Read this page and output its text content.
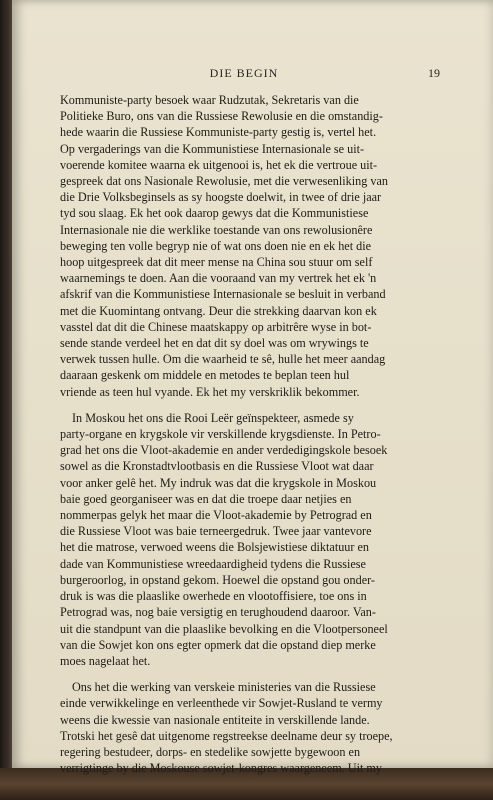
DIE BEGIN	19
Kommuniste-party besoek waar Rudzutak, Sekretaris van die
Politieke Buro, ons van die Russiese Rewolusie en die omstandig-
hede waarin die Russiese Kommuniste-party gestig is, vertel het.
Op vergaderings van die Kommunistiese Internasionale se uit-
voerende komitee waarna ek uitgenooi is, het ek die vertroue uit-
gespreek dat ons Nasionale Rewolusie, met die verwesenliking van
die Drie Volksbeginsels as sy hoogste doelwit, in twee of drie jaar
tyd sou slaag. Ek het ook daarop gewys dat die Kommunistiese
Internasionale nie die werklike toestande van ons rewolusionêre
beweging ten volle begryp nie of wat ons doen nie en ek het die
hoop uitgespreek dat dit meer mense na China sou stuur om self
waarnemings te doen. Aan die vooraand van my vertrek het ek 'n
afskrif van die Kommunistiese Internasionale se besluit in verband
met die Kuomintang ontvang. Deur die strekking daarvan kon ek
vasstel dat dit die Chinese maatskappy op arbitrêre wyse in bot-
sende stande verdeel het en dat dit sy doel was om wrywings te
verwek tussen hulle. Om die waarheid te sê, hulle het meer aandag
daaraan geskenk om middele en metodes te beplan teen hul
vriende as teen hul vyande. Ek het my verskriklik bekommer.
In Moskou het ons die Rooi Leër geïnspekteer, asmede sy
party-organe en krygskole vir verskillende krygsdienste. In Petro-
grad het ons die Vloot-akademie en ander verdedigingskole besoek
sowel as die Kronstadtvlootbasis en die Russiese Vloot wat daar
voor anker gelê het. My indruk was dat die krygskole in Moskou
baie goed georganiseer was en dat die troepe daar netjies en
nommerpas gelyk het maar die Vloot-akademie by Petrograd en
die Russiese Vloot was baie terneergedruk. Twee jaar vantevore
het die matrose, verwoed weens die Bolsjewistiese diktatuur en
dade van Kommunistiese wreedaardigheid tydens die Russiese
burgeroorlog, in opstand gekom. Hoewel die opstand gou onder-
druk is was die plaaslike owerhede en vlootoffisiere, toe ons in
Petrograd was, nog baie versigtig en terughoudend daaroor. Van-
uit die standpunt van die plaaslike bevolking en die Vlootpersoneel
van die Sowjet kon ons egter opmerk dat die opstand diep merke
moes nagelaat het.
Ons het die werking van verskeie ministeries van die Russiese
einde verwikkelinge en verleenthede vir Sowjet-Rusland te vermy
weens die kwessie van nasionale entiteite in verskillende lande.
Trotski het gesê dat uitgenome regstreekse deelname deur sy troepe,
regering bestudeer, dorps- en stedelike sowjette bygewoon en
verrigtinge by die Moskouse sowjet-kongres waargeneem. Uit my
